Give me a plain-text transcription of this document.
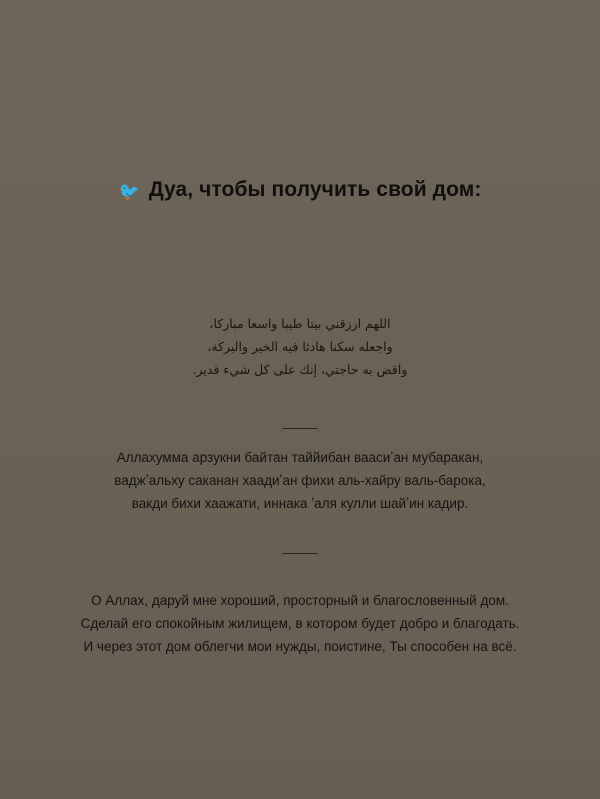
🐦 Дуа, чтобы получить свой дом:
اللهم ارزقني بيتا طيبا واسعا مباركا،
واجعله سكنا هادئا فيه الخير والبركة،
واقض به حاجتي، إنك على كل شيء قدير.
Аллахумма арзукни байтан таййибан ваасиʼан мубаракан,
ваджʼальху саканан хаадиʼан фихи аль-хайру валь-барока,
вакди бихи хаажати, иннака ʼаля кулли шайʼин кадир.
О Аллах, даруй мне хороший, просторный и благословенный дом.
Сделай его спокойным жилищем, в котором будет добро и благодать.
И через этот дом облегчи мои нужды, поистине, Ты способен на всё.
